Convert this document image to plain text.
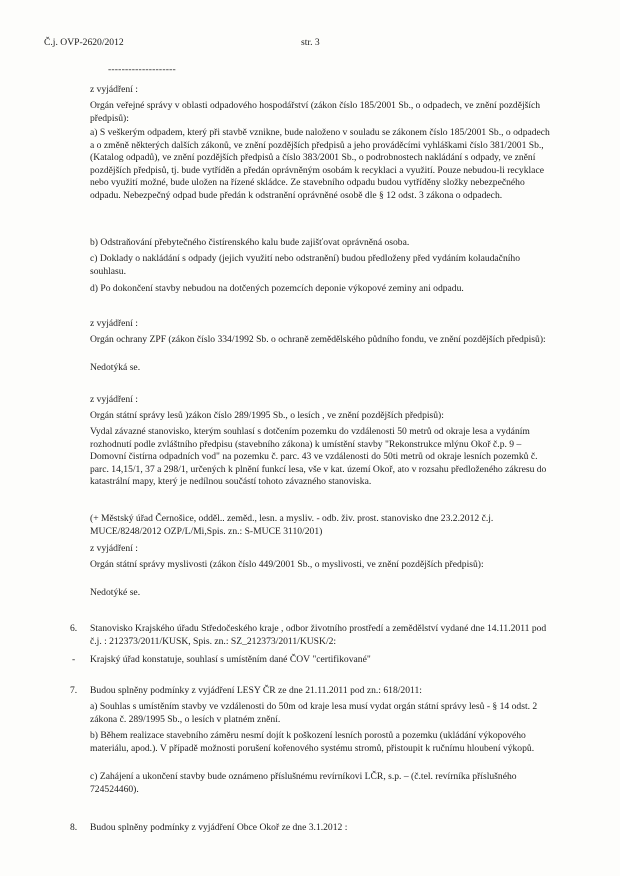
Č.j. OVP-2620/2012	str. 3
--------------------

z vyjádření :

Orgán veřejné správy v oblasti odpadového hospodářství (zákon číslo 185/2001 Sb., o odpadech, ve znění pozdějších předpisů):

a) S veškerým odpadem, který při stavbě vznikne, bude naloženo v souladu se zákonem číslo 185/2001 Sb., o odpadech a o změně některých dalších zákonů, ve znění pozdějších předpisů a jeho prováděcími vyhláškami číslo 381/2001 Sb., (Katalog odpadů), ve znění pozdějších předpisů a číslo 383/2001 Sb., o podrobnostech nakládání s odpady, ve znění pozdějších předpisů, tj. bude vytříděn a předán oprávněným osobám k recyklaci a využití. Pouze nebudou-li recyklace nebo využití možné, bude uložen na řízené skládce. Ze stavebního odpadu budou vytříděny složky nebezpečného odpadu. Nebezpečný odpad bude předán k odstranění oprávněné osobě dle § 12 odst. 3 zákona o odpadech.

b) Odstraňování přebytečného čistírenského kalu bude zajišťovat oprávněná osoba.

c) Doklady o nakládání s odpady (jejich využití nebo odstranění) budou předloženy před vydáním kolaudačního souhlasu.

d) Po dokončení stavby nebudou na dotčených pozemcích deponie výkopové zeminy ani odpadu.

z vyjádření :

Orgán ochrany ZPF (zákon číslo 334/1992 Sb. o ochraně zemědělského půdního fondu, ve znění pozdějších předpisů):

Nedotýká se.

z vyjádření :

Orgán státní správy lesů )zákon číslo 289/1995 Sb., o lesích , ve znění pozdějších předpisů):

Vydal závazné stanovisko, kterým souhlasí s dotčením pozemku do vzdálenosti 50 metrů od okraje lesa a vydáním rozhodnutí podle zvláštního předpisu (stavebního zákona) k umístění stavby "Rekonstrukce mlýnu Okoř č.p. 9 – Domovní čistírna odpadních vod" na pozemku č. parc. 43 ve vzdálenosti do 50ti metrů od okraje lesních pozemků č. parc. 14,15/1, 37 a 298/1, určených k plnění funkcí lesa, vše v kat. území Okoř, ato v rozsahu předloženého zákresu do katastrální mapy, který je nedílnou součástí tohoto závazného stanoviska.

(+ Městský úřad Černošice, odděl.. zeměd., lesn. a mysliv. - odb. živ. prost. stanovisko dne 23.2.2012 č.j. MUCE/8248/2012 OZP/L/Mi,Spis. zn.: S-MUCE 3110/201)

z vyjádření :

Orgán státní správy myslivosti (zákon číslo 449/2001 Sb., o myslivosti, ve znění pozdějších předpisů):

Nedotýké se.

6. Stanovisko Krajského úřadu Středočeského kraje , odbor životního prostředí a zemědělství vydané dne 14.11.2011 pod č.j. : 212373/2011/KUSK, Spis. zn.: SZ_212373/2011/KUSK/2:

- Krajský úřad konstatuje, souhlasí s umístěním dané ČOV "certifikované"

7. Budou splněny podmínky z vyjádření LESY ČR ze dne 21.11.2011 pod zn.: 618/2011:

a) Souhlas s umístěním stavby ve vzdálenosti do 50m od kraje lesa musí vydat orgán státní správy lesů - § 14 odst. 2 zákona č. 289/1995 Sb., o lesích v platném znění.

b) Během realizace stavebního záměru nesmí dojít k poškození lesních porostů a pozemku (ukládání výkopového materiálu, apod.). V případě možnosti porušení kořenového systému stromů, přistoupit k ručnímu hloubení výkopů.

c) Zahájení a ukončení stavby bude oznámeno příslušnému revírníkovi LČR, s.p. – (č.tel. revírníka příslušného 724524460).

8. Budou splněny podmínky z vyjádření Obce Okoř ze dne 3.1.2012 :
